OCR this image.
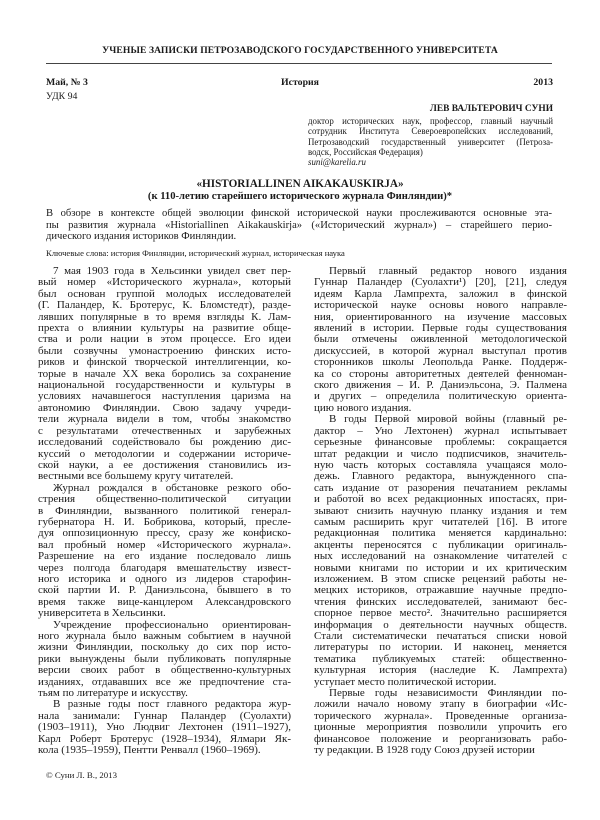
УЧЕНЫЕ ЗАПИСКИ ПЕТРОЗАВОДСКОГО ГОСУДАРСТВЕННОГО УНИВЕРСИТЕТА
Май, № 3	История	2013
УДК 94
ЛЕВ ВАЛЬТЕРОВИЧ СУНИ
доктор исторических наук, профессор, главный научный
сотрудник Института Североевропейских исследований,
Петрозаводский государственный университет (Петроза-
водск, Российская Федерация)
suni@karelia.ru
«HISTORIALLINEN AIKAKAUSKIRJA»
(к 110-летию старейшего исторического журнала Финляндии)*
В обзоре в контексте общей эволюции финской исторической науки прослеживаются основные эта-
пы развития журнала «Historiallinen Aikakauskirja» («Исторический журнал») – старейшего перио-
дического издания историков Финляндии.
Ключевые слова: история Финляндии, исторический журнал, историческая наука
7 мая 1903 года в Хельсинки увидел свет пер-
вый номер «Исторического журнала», который
был основан группой молодых исследователей
(Г. Паландер, К. Бротерус, К. Бломстедт), разде-
лявших популярные в то время взгляды К. Лам-
прехта о влиянии культуры на развитие обще-
ства и роли нации в этом процессе. Его идеи
были созвучны умонастроению финских исто-
риков и финской творческой интеллигенции, ко-
торые в начале XX века боролись за сохранение
национальной государственности и культуры в
условиях начавшегося наступления царизма на
автономию Финляндии. Свою задачу учреди-
тели журнала видели в том, чтобы знакомство
с результатами отечественных и зарубежных
исследований содействовало бы рождению дис-
куссий о методологии и содержании историче-
ской науки, а ее достижения становились из-
вестными все большему кругу читателей.
Журнал рождался в обстановке резкого обо-
стрения общественно-политической ситуации
в Финляндии, вызванного политикой генерал-
губернатора Н. И. Бобрикова, который, пресле-
дуя оппозиционную прессу, сразу же конфиско-
вал пробный номер «Исторического журнала».
Разрешение на его издание последовало лишь
через полгода благодаря вмешательству извест-
ного историка и одного из лидеров старофин-
ской партии И. Р. Даниэльсона, бывшего в то
время также вице-канцлером Александровского
университета в Хельсинки.
Учреждение профессионально ориентирован-
ного журнала было важным событием в научной
жизни Финляндии, поскольку до сих пор исто-
рики вынуждены были публиковать популярные
версии своих работ в общественно-культурных
изданиях, отдававших все же предпочтение ста-
тьям по литературе и искусству.
В разные годы пост главного редактора жур-
нала занимали: Гуннар Паландер (Суолахти)
(1903–1911), Уно Людвиг Лехтонен (1911–1927),
Карл Роберт Бротерус (1928–1934), Ялмари Як-
кола (1935–1959), Пентти Ренвалл (1960–1969).
Первый главный редактор нового издания
Гуннар Паландер (Суолахти¹) [20], [21], следуя
идеям Карла Лампрехта, заложил в финской
исторической науке основы нового направле-
ния, ориентированного на изучение массовых
явлений в истории. Первые годы существования
были отмечены оживленной методологической
дискуссией, в которой журнал выступал против
сторонников школы Леопольда Ранке. Поддерж-
ка со стороны авторитетных деятелей фенноман-
ского движения – И. Р. Даниэльсона, Э. Палмена
и других – определила политическую ориента-
цию нового издания.
В годы Первой мировой войны (главный ре-
дактор – Уно Лехтонен) журнал испытывает
серьезные финансовые проблемы: сокращается
штат редакции и число подписчиков, значитель-
ную часть которых составляла учащаяся моло-
дежь. Главного редактора, вынужденного спа-
сать издание от разорения печатанием рекламы
и работой во всех редакционных ипостасях, при-
зывают снизить научную планку издания и тем
самым расширить круг читателей [16]. В итоге
редакционная политика меняется кардинально:
акценты переносятся с публикации оригиналь-
ных исследований на ознакомление читателей с
новыми книгами по истории и их критическим
изложением. В этом списке рецензий работы не-
мецких историков, отражавшие научные предпо-
чтения финских исследователей, занимают бес-
спорное первое место². Значительно расширяется
информация о деятельности научных обществ.
Стали систематически печататься списки новой
литературы по истории. И наконец, меняется
тематика публикуемых статей: общественно-
культурная история (наследие К. Лампрехта)
уступает место политической истории.
Первые годы независимости Финляндии по-
ложили начало новому этапу в биографии «Ис-
торического журнала». Проведенные организа-
ционные мероприятия позволили упрочить его
финансовое положение и реорганизовать рабо-
ту редакции. В 1928 году Союз друзей истории
© Суни Л. В., 2013
